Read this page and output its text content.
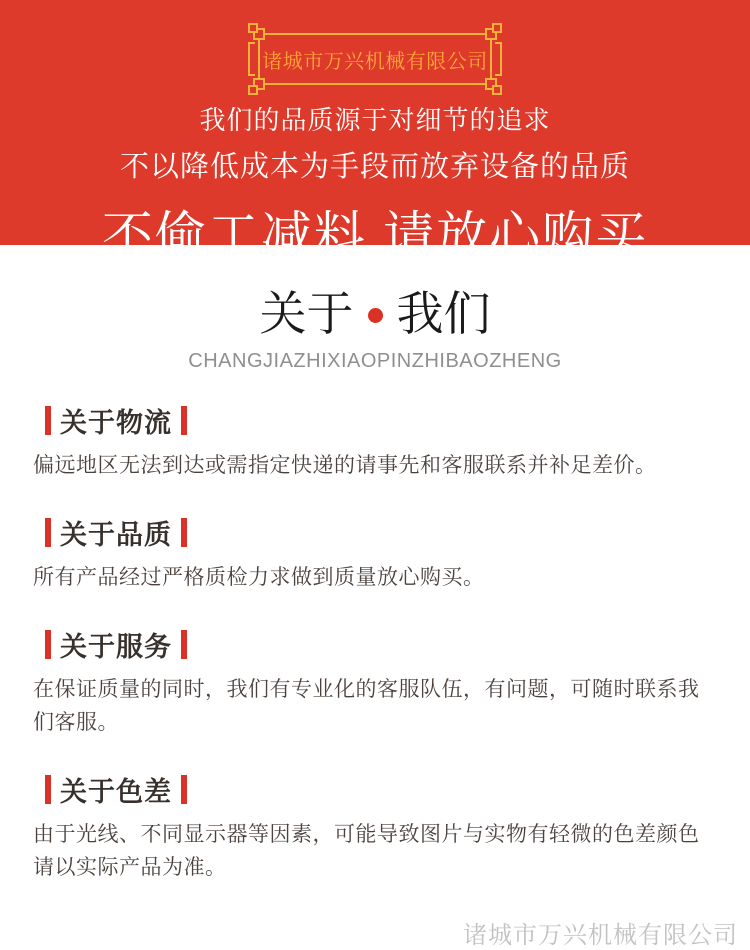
诸城市万兴机械有限公司
我们的品质源于对细节的追求
不以降低成本为手段而放弃设备的品质
不偷工减料 请放心购买
关于 我们
CHANGJIAZHIXIAOPINZHIBAOZHENG
关于物流
偏远地区无法到达或需指定快递的请事先和客服联系并补足差价。
关于品质
所有产品经过严格质检力求做到质量放心购买。
关于服务
在保证质量的同时，我们有专业化的客服队伍，有问题，可随时联系我们客服。
关于色差
由于光线、不同显示器等因素，可能导致图片与实物有轻微的色差颜色请以实际产品为准。
诸城市万兴机械有限公司
